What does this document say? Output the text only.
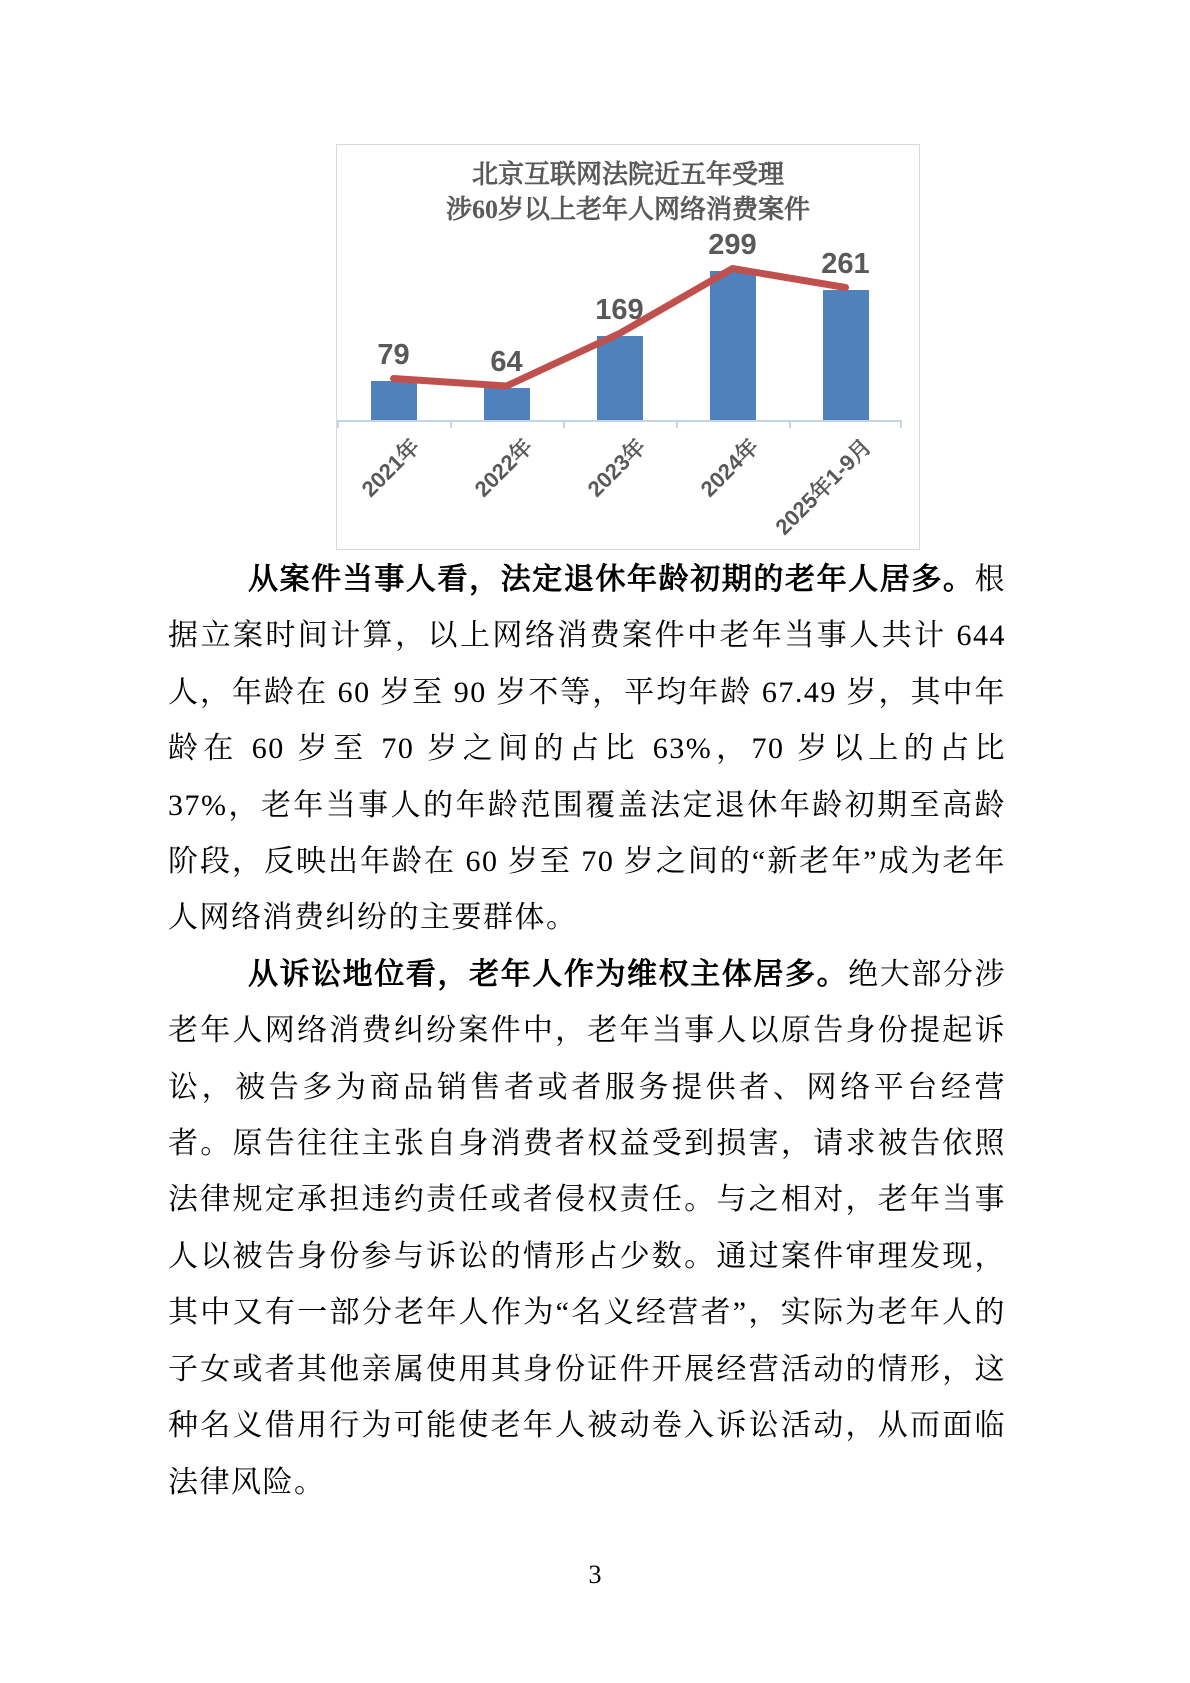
北京互联网法院近五年受理
涉60岁以上老年人网络消费案件
79	64
169
299
261
2021年 2022年 2023年 2024年 2025年1-9月

从案件当事人看，法定退休年龄初期的老年人居多。根据立案时间计算，以上网络消费案件中老年当事人共计 644 人，年龄在 60 岁至 90 岁不等，平均年龄 67.49 岁，其中年龄在 60 岁至 70 岁之间的占比 63%，70 岁以上的占比 37%，老年当事人的年龄范围覆盖法定退休年龄初期至高龄阶段，反映出年龄在 60 岁至 70 岁之间的“新老年”成为老年人网络消费纠纷的主要群体。

从诉讼地位看，老年人作为维权主体居多。绝大部分涉老年人网络消费纠纷案件中，老年当事人以原告身份提起诉讼，被告多为商品销售者或者服务提供者、网络平台经营者。原告往往主张自身消费者权益受到损害，请求被告依照法律规定承担违约责任或者侵权责任。与之相对，老年当事人以被告身份参与诉讼的情形占少数。通过案件审理发现，其中又有一部分老年人作为“名义经营者”，实际为老年人的子女或者其他亲属使用其身份证件开展经营活动的情形，这种名义借用行为可能使老年人被动卷入诉讼活动，从而面临法律风险。

3
